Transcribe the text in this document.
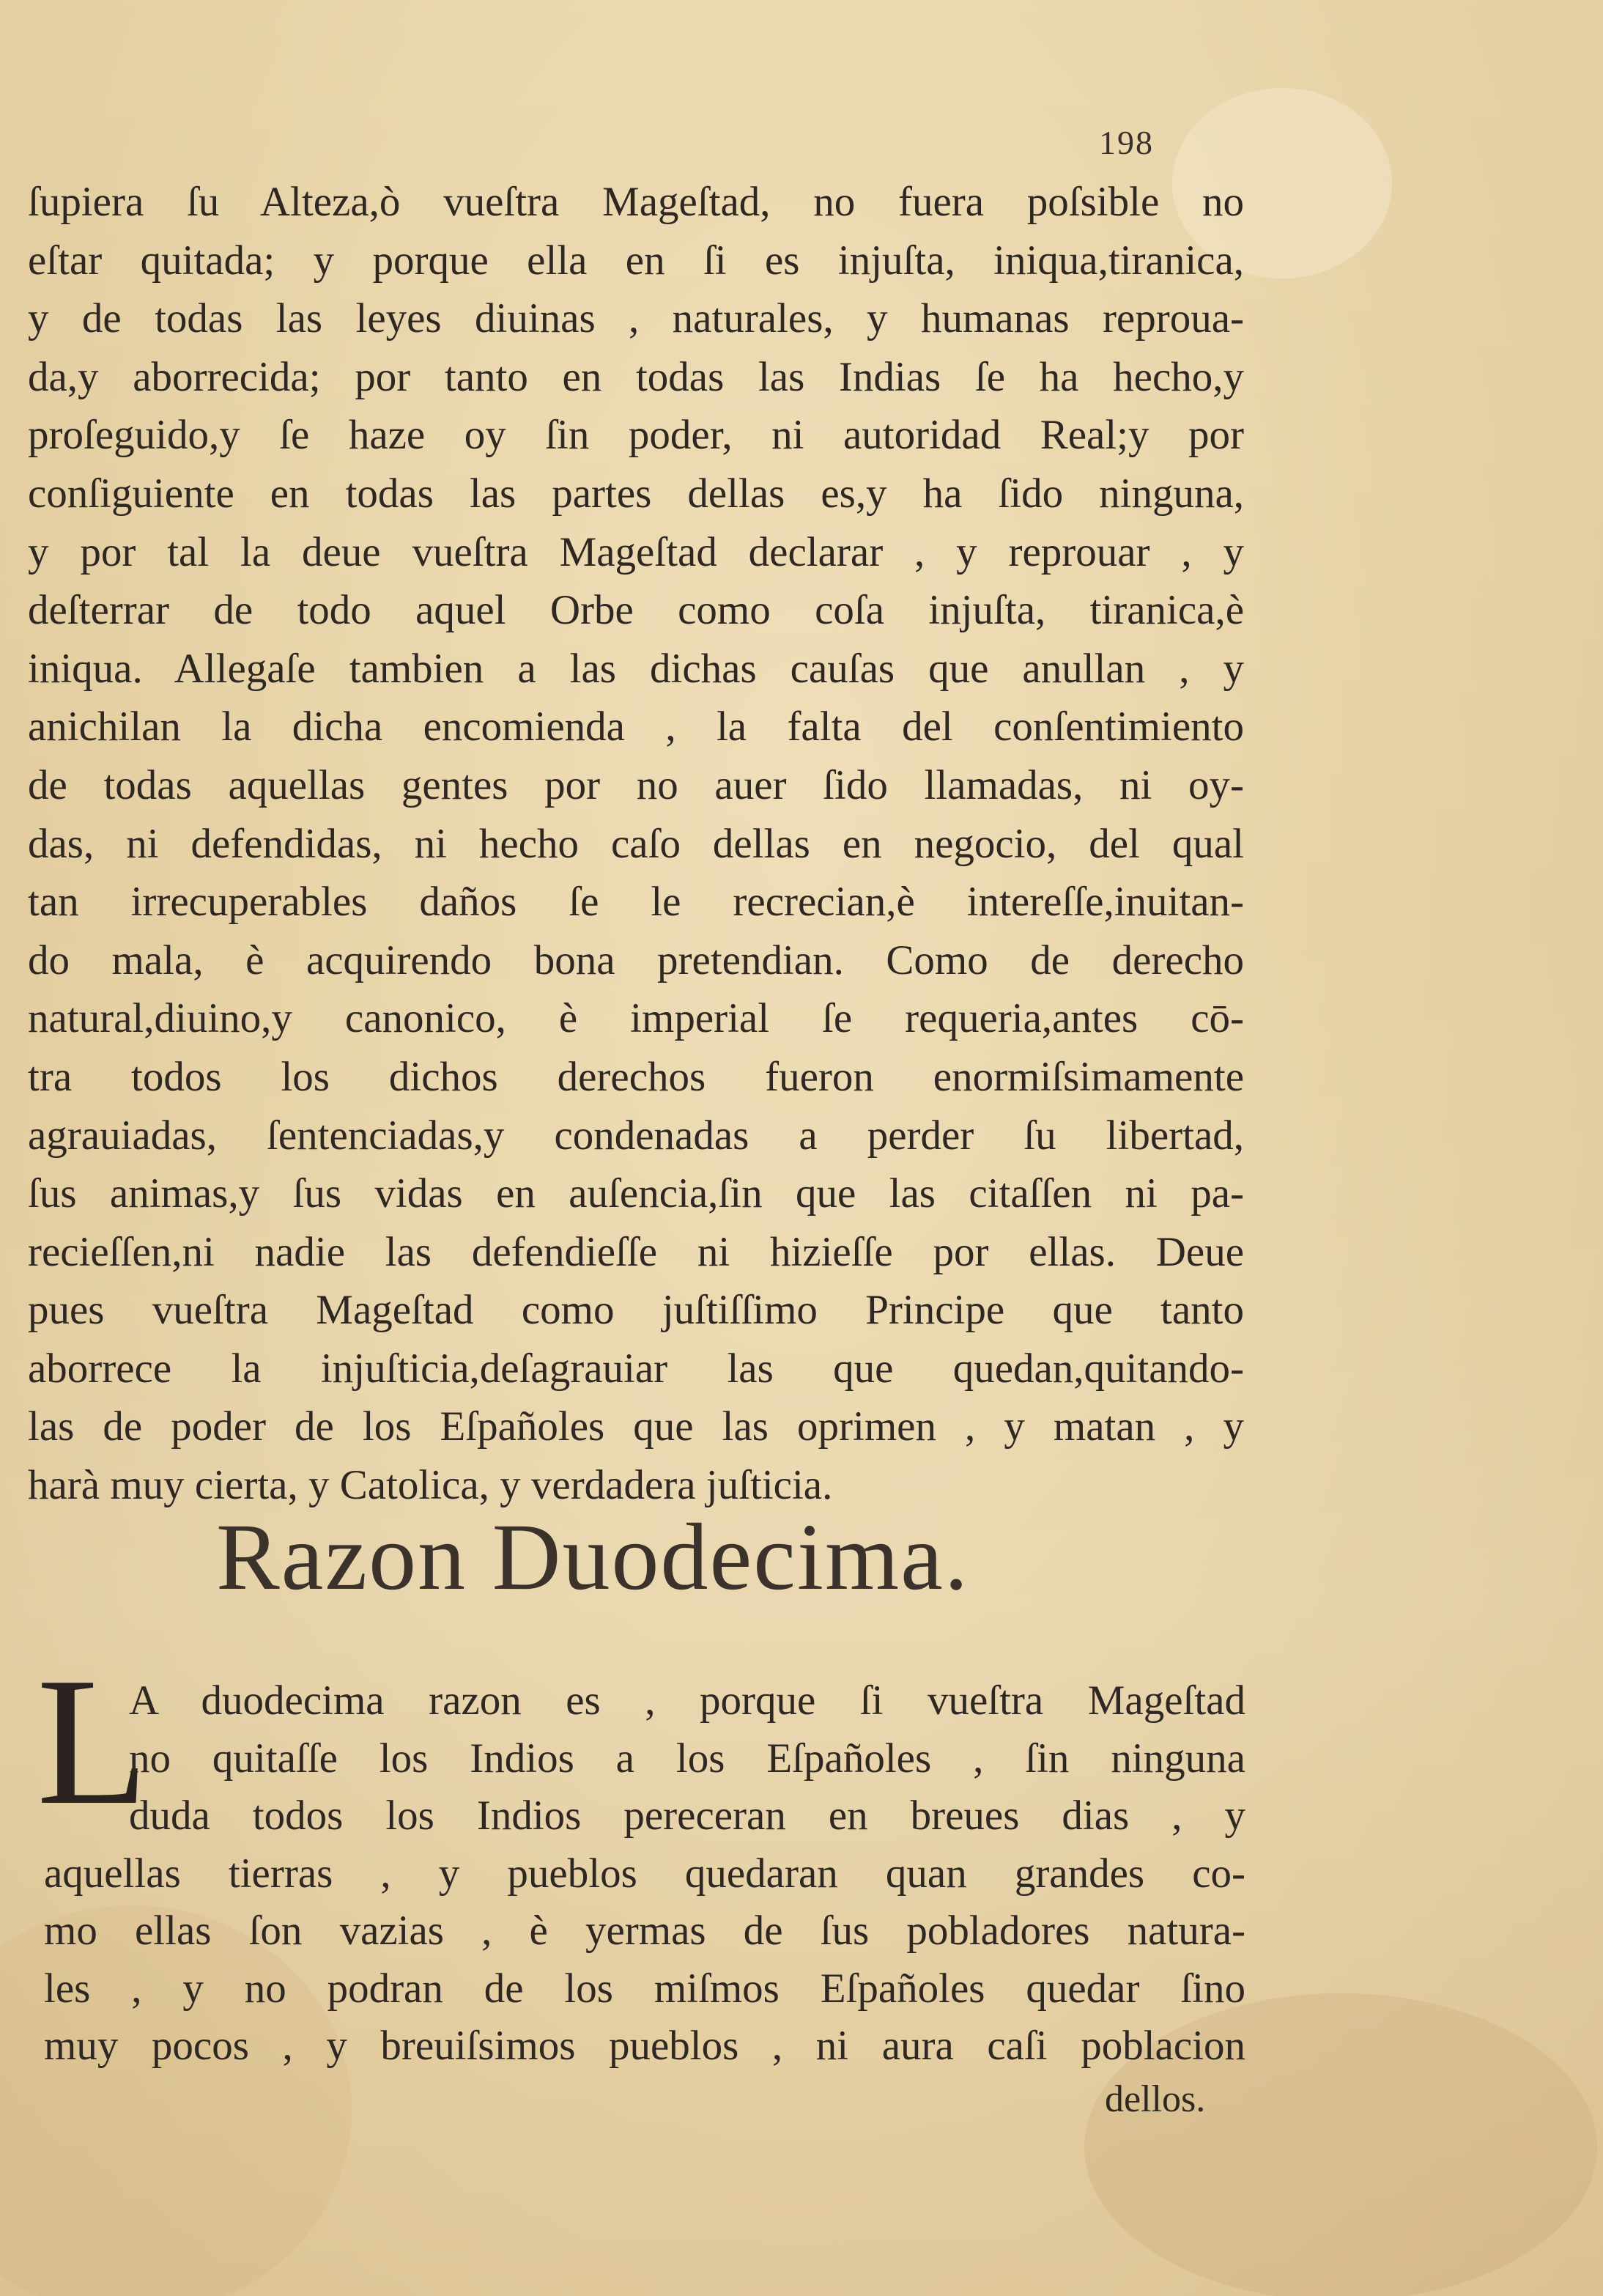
198
ſupiera ſu Alteza,ò vueſtra Mageſtad, no fuera poſsible no
eſtar quitada; y porque ella en ſi es injuſta, iniqua,tiranica,
y de todas las leyes diuinas , naturales, y humanas reproua-
da,y aborrecida; por tanto en todas las Indias ſe ha hecho,y
proſeguido,y ſe haze oy ſin poder, ni autoridad Real;y por
conſiguiente en todas las partes dellas es,y ha ſido ninguna,
y por tal la deue vueſtra Mageſtad declarar , y reprouar , y
deſterrar de todo aquel Orbe como coſa injuſta, tiranica,è
iniqua. Allegaſe tambien a las dichas cauſas que anullan , y
anichilan la dicha encomienda , la falta del conſentimiento
de todas aquellas gentes por no auer ſido llamadas, ni oy-
das, ni defendidas, ni hecho caſo dellas en negocio, del qual
tan irrecuperables daños ſe le recrecian,è intereſſe,inuitan-
do mala, è acquirendo bona pretendian. Como de derecho
natural,diuino,y canonico, è imperial ſe requeria,antes cō-
tra todos los dichos derechos fueron enormiſsimamente
agrauiadas, ſentenciadas,y condenadas a perder ſu libertad,
ſus animas,y ſus vidas en auſencia,ſin que las citaſſen ni pa-
recieſſen,ni nadie las defendieſſe ni hizieſſe por ellas. Deue
pues vueſtra Mageſtad como juſtiſſimo Principe que tanto
aborrece la injuſticia,deſagrauiar las que quedan,quitando-
las de poder de los Eſpañoles que las oprimen , y matan , y
harà muy cierta, y Catolica, y verdadera juſticia.
Razon Duodecima.
L
A duodecima razon es , porque ſi vueſtra Mageſtad
no quitaſſe los Indios a los Eſpañoles , ſin ninguna
duda todos los Indios pereceran en breues dias , y
aquellas tierras , y pueblos quedaran quan grandes co-
mo ellas ſon vazias , è yermas de ſus pobladores natura-
les , y no podran de los miſmos Eſpañoles quedar ſino
muy pocos , y breuiſsimos pueblos , ni aura caſi poblacion
dellos.
